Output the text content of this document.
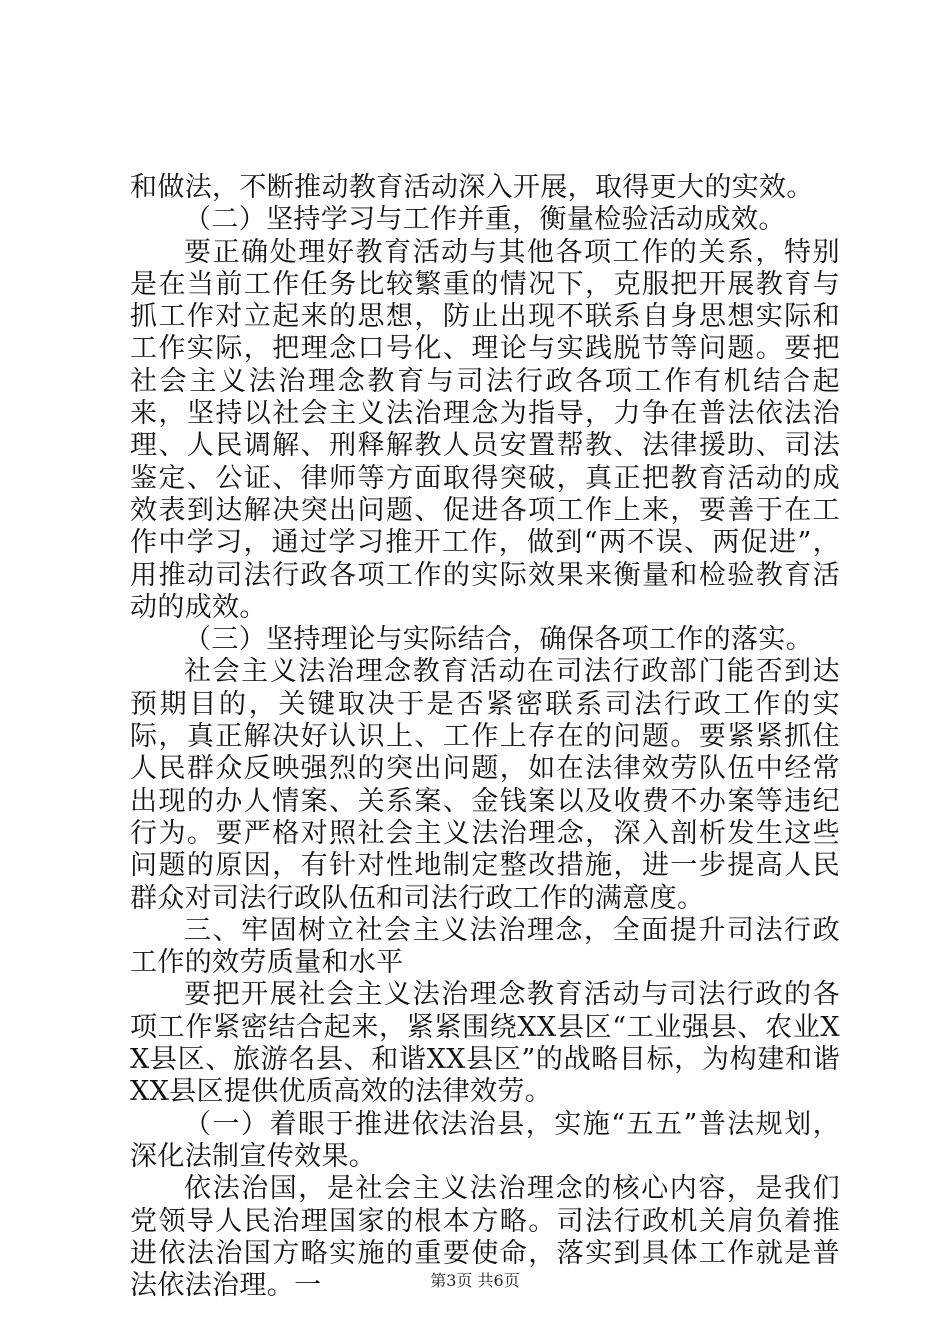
和做法，不断推动教育活动深入开展，取得更大的实效。

（二）坚持学习与工作并重，衡量检验活动成效。

要正确处理好教育活动与其他各项工作的关系，特别是在当前工作任务比较繁重的情况下，克服把开展教育与抓工作对立起来的思想，防止出现不联系自身思想实际和工作实际，把理念口号化、理论与实践脱节等问题。要把社会主义法治理念教育与司法行政各项工作有机结合起来，坚持以社会主义法治理念为指导，力争在普法依法治理、人民调解、刑释解教人员安置帮教、法律援助、司法鉴定、公证、律师等方面取得突破，真正把教育活动的成效表到达解决突出问题、促进各项工作上来，要善于在工作中学习，通过学习推开工作，做到“两不误、两促进”，用推动司法行政各项工作的实际效果来衡量和检验教育活动的成效。

（三）坚持理论与实际结合，确保各项工作的落实。

社会主义法治理念教育活动在司法行政部门能否到达预期目的，关键取决于是否紧密联系司法行政工作的实际，真正解决好认识上、工作上存在的问题。要紧紧抓住人民群众反映强烈的突出问题，如在法律效劳队伍中经常出现的办人情案、关系案、金钱案以及收费不办案等违纪行为。要严格对照社会主义法治理念，深入剖析发生这些问题的原因，有针对性地制定整改措施，进一步提高人民群众对司法行政队伍和司法行政工作的满意度。

三、牢固树立社会主义法治理念，全面提升司法行政工作的效劳质量和水平

要把开展社会主义法治理念教育活动与司法行政的各项工作紧密结合起来，紧紧围绕XX县区“工业强县、农业XX县区、旅游名县、和谐XX县区”的战略目标，为构建和谐XX县区提供优质高效的法律效劳。

（一）着眼于推进依法治县，实施“五五”普法规划，深化法制宣传效果。

依法治国，是社会主义法治理念的核心内容，是我们党领导人民治理国家的根本方略。司法行政机关肩负着推进依法治国方略实施的重要使命，落实到具体工作就是普法依法治理。一	第3页 共6页
